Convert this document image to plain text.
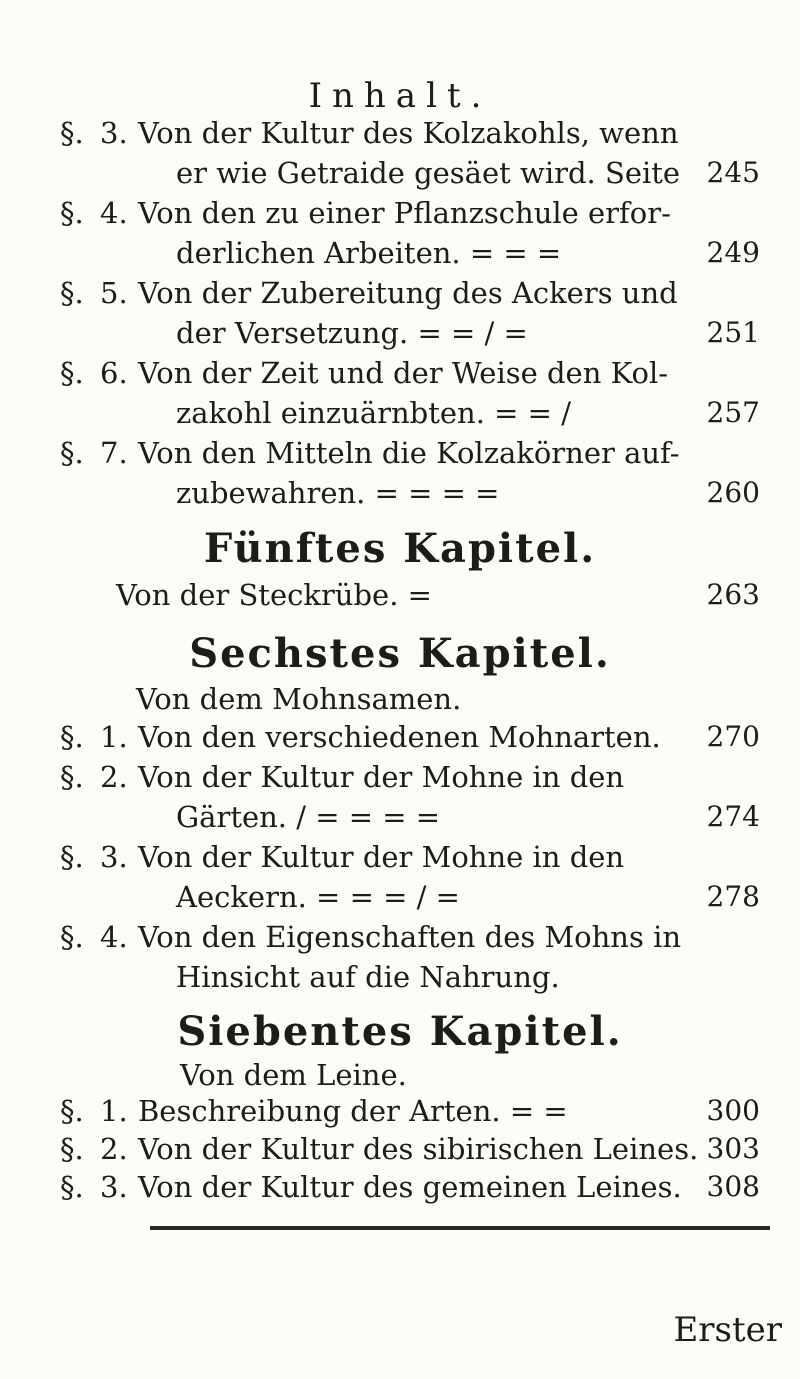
Inhalt.
§. 3. Von der Kultur des Kolzakohls, wenn
er wie Getraide gesäet wird. Seite 245
§. 4. Von den zu einer Pflanzschule erfor-
derlichen Arbeiten. = = =	249
§. 5. Von der Zubereitung des Ackers und
der Versetzung. = = / =	251
§. 6. Von der Zeit und der Weise den Kol-
zakohl einzuärnbten. = = /	257
§. 7. Von den Mitteln die Kolzakörner auf-
zubewahren. = = = =	260
Fünftes Kapitel.
Von der Steckrübe. =	263
Sechstes Kapitel.
Von dem Mohnsamen.
§. 1. Von den verschiedenen Mohnarten. 270
§. 2. Von der Kultur der Mohne in den
Gärten. / = = = =	274
§. 3. Von der Kultur der Mohne in den
Aeckern. = = = / =	278
§. 4. Von den Eigenschaften des Mohns in
Hinsicht auf die Nahrung.
Siebentes Kapitel.
Von dem Leine.
§. 1. Beschreibung der Arten. = =	300
§. 2. Von der Kultur des sibirischen Leines. 303
§. 3. Von der Kultur des gemeinen Leines. 308
Erster
